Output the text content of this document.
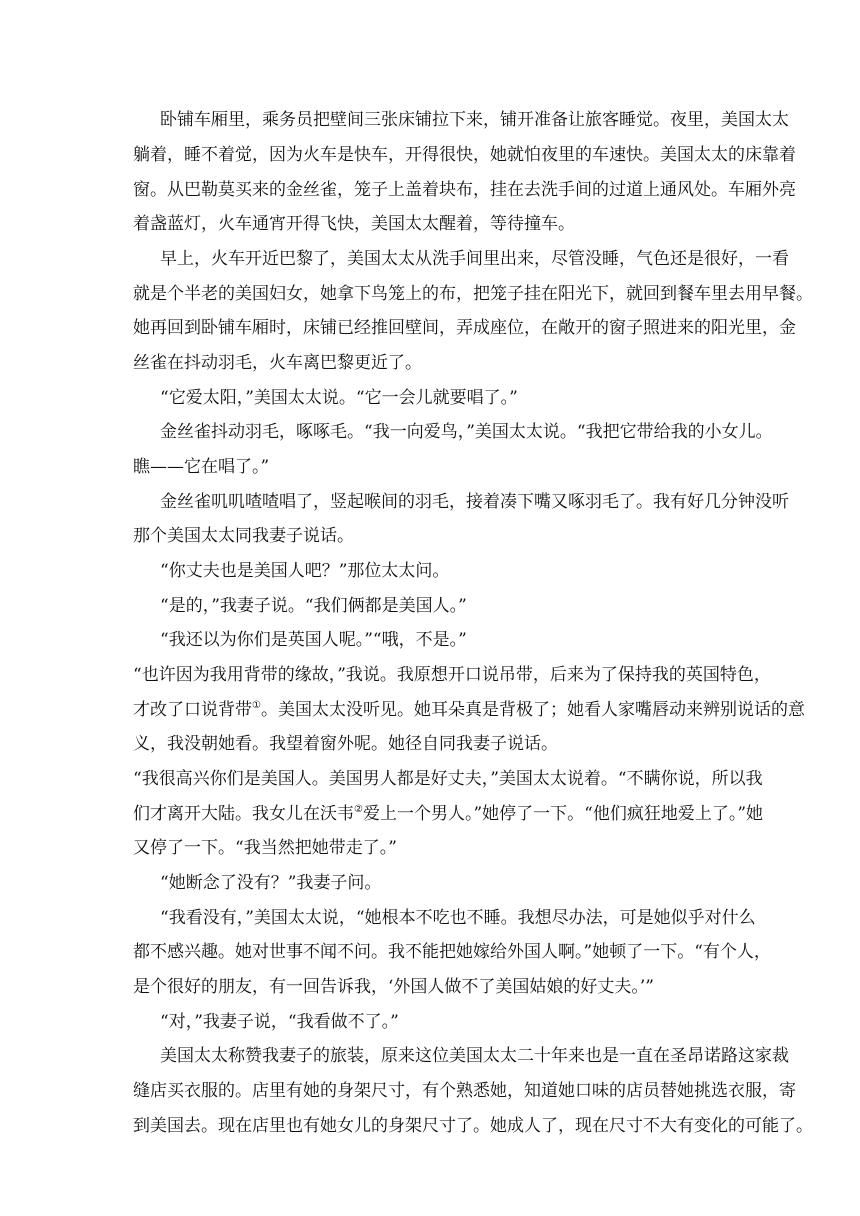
卧铺车厢里，乘务员把壁间三张床铺拉下来，铺开准备让旅客睡觉。夜里，美国太太
躺着，睡不着觉，因为火车是快车，开得很快，她就怕夜里的车速快。美国太太的床靠着
窗。从巴勒莫买来的金丝雀，笼子上盖着块布，挂在去洗手间的过道上通风处。车厢外亮
着盏蓝灯，火车通宵开得飞快，美国太太醒着，等待撞车。
早上，火车开近巴黎了，美国太太从洗手间里出来，尽管没睡，气色还是很好，一看
就是个半老的美国妇女，她拿下鸟笼上的布，把笼子挂在阳光下，就回到餐车里去用早餐。
她再回到卧铺车厢时，床铺已经推回壁间，弄成座位，在敞开的窗子照进来的阳光里，金
丝雀在抖动羽毛，火车离巴黎更近了。
“它爱太阳，”美国太太说。“它一会儿就要唱了。”
金丝雀抖动羽毛，啄啄毛。“我一向爱鸟，”美国太太说。“我把它带给我的小女儿。
瞧——它在唱了。”
金丝雀叽叽喳喳唱了，竖起喉间的羽毛，接着凑下嘴又啄羽毛了。我有好几分钟没听
那个美国太太同我妻子说话。
“你丈夫也是美国人吧？”那位太太问。
“是的，”我妻子说。“我们俩都是美国人。”
“我还以为你们是英国人呢。”“哦，不是。”
“也许因为我用背带的缘故，”我说。我原想开口说吊带，后来为了保持我的英国特色，
才改了口说背带①。美国太太没听见。她耳朵真是背极了；她看人家嘴唇动来辨别说话的意
义，我没朝她看。我望着窗外呢。她径自同我妻子说话。
“我很高兴你们是美国人。美国男人都是好丈夫，”美国太太说着。“不瞒你说，所以我
们才离开大陆。我女儿在沃韦②爱上一个男人。”她停了一下。“他们疯狂地爱上了。”她
又停了一下。“我当然把她带走了。”
“她断念了没有？”我妻子问。
“我看没有，”美国太太说，“她根本不吃也不睡。我想尽办法，可是她似乎对什么
都不感兴趣。她对世事不闻不问。我不能把她嫁给外国人啊。”她顿了一下。“有个人，
是个很好的朋友，有一回告诉我，‘外国人做不了美国姑娘的好丈夫。’”
“对，”我妻子说，“我看做不了。”
美国太太称赞我妻子的旅装，原来这位美国太太二十年来也是一直在圣昂诺路这家裁
缝店买衣服的。店里有她的身架尺寸，有个熟悉她，知道她口味的店员替她挑选衣服，寄
到美国去。现在店里也有她女儿的身架尺寸了。她成人了，现在尺寸不大有变化的可能了。
